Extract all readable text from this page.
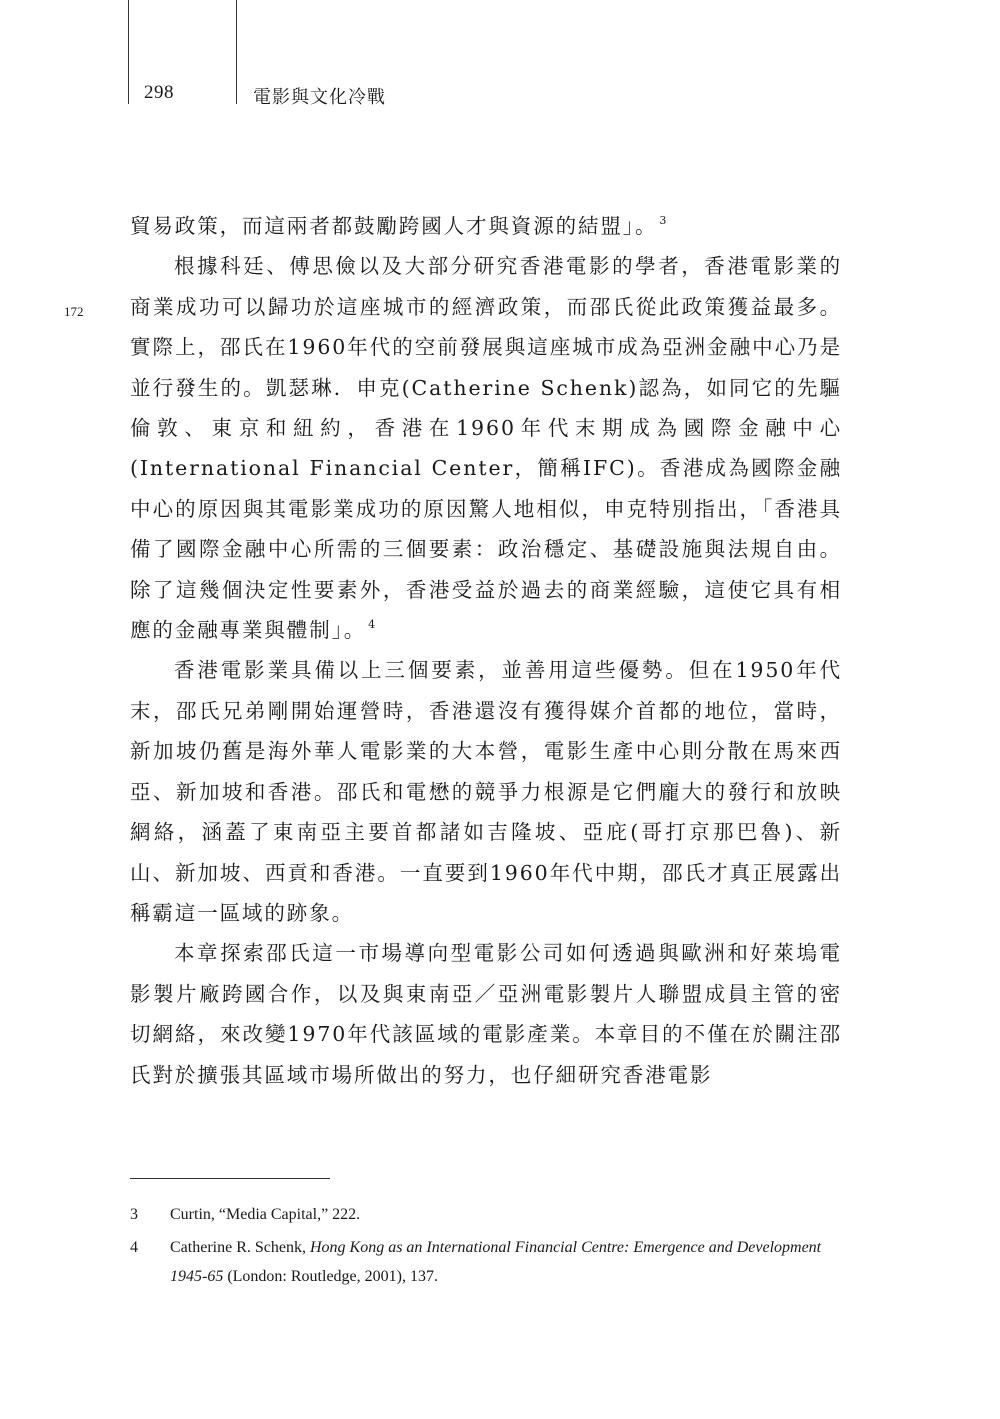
298	電影與文化冷戰
172

貿易政策，而這兩者都鼓勵跨國人才與資源的結盟」。 $^3$

根據科廷、傅思儉以及大部分研究香港電影的學者，香港電影業的商業成功可以歸功於這座城市的經濟政策，而邵氏從此政策獲益最多。實際上，邵氏在1960年代的空前發展與這座城市成為亞洲金融中心乃是並行發生的。凱瑟琳．申克(Catherine Schenk)認為，如同它的先驅倫敦、東京和紐約，香港在1960年代末期成為國際金融中心(International Financial Center，簡稱IFC)。香港成為國際金融中心的原因與其電影業成功的原因驚人地相似，申克特別指出，「香港具備了國際金融中心所需的三個要素：政治穩定、基礎設施與法規自由。除了這幾個決定性要素外，香港受益於過去的商業經驗，這使它具有相應的金融專業與體制」。 $^4$

香港電影業具備以上三個要素，並善用這些優勢。但在1950年代末，邵氏兄弟剛開始運營時，香港還沒有獲得媒介首都的地位，當時，新加坡仍舊是海外華人電影業的大本營，電影生產中心則分散在馬來西亞、新加坡和香港。邵氏和電懋的競爭力根源是它們龐大的發行和放映網絡，涵蓋了東南亞主要首都諸如吉隆坡、亞庇(哥打京那巴魯)、新山、新加坡、西貢和香港。一直要到1960年代中期，邵氏才真正展露出稱霸這一區域的跡象。

本章探索邵氏這一市場導向型電影公司如何透過與歐洲和好萊塢電影製片廠跨國合作，以及與東南亞／亞洲電影製片人聯盟成員主管的密切網絡，來改變1970年代該區域的電影產業。本章目的不僅在於關注邵氏對於擴張其區域市場所做出的努力，也仔細研究香港電影

3	Curtin, “Media Capital,” 222.
4	Catherine R. Schenk, Hong Kong as an International Financial Centre: Emergence and Development 1945-65 (London: Routledge, 2001), 137.
